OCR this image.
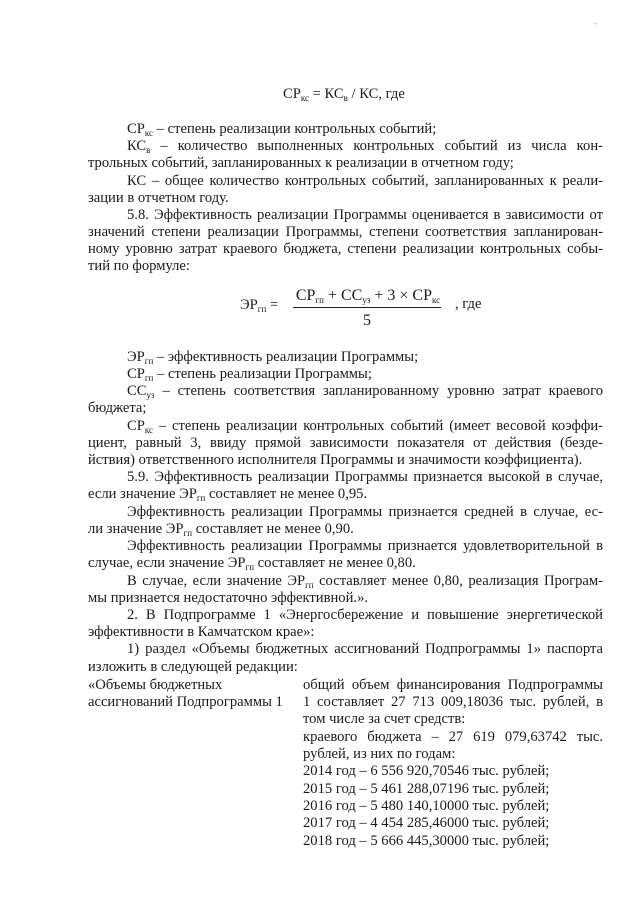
-
$СР_{кс} = КС_в$ / КС, где
$СР_{кс}$ – степень реализации контрольных событий;
$КС_в$ – количество выполненных контрольных событий из числа кон-
трольных событий, запланированных к реализации в отчетном году;
КС – общее количество контрольных событий, запланированных к реали-
зации в отчетном году.
5.8. Эффективность реализации Программы оценивается в зависимости от
значений степени реализации Программы, степени соответствия запланирован-
ному уровню затрат краевого бюджета, степени реализации контрольных собы-
тий по формуле:
$ЭР_{гп}$ =
СРгп + ССуз + 3 × СРкс
5
, где
$ЭР_{гп}$ – эффективность реализации Программы;
$СР_{гп}$ – степень реализации Программы;
$СС_{уз}$ – степень соответствия запланированному уровню затрат краевого
бюджета;
$СР_{кс}$ – степень реализации контрольных событий (имеет весовой коэффи-
циент, равный 3, ввиду прямой зависимости показателя от действия (безде-
йствия) ответственного исполнителя Программы и значимости коэффициента).
5.9. Эффективность реализации Программы признается высокой в случае,
если значение $ЭР_{гп}$ составляет не менее 0,95.
Эффективность реализации Программы признается средней в случае, ес-
ли значение $ЭР_{гп}$ составляет не менее 0,90.
Эффективность реализации Программы признается удовлетворительной в
случае, если значение $ЭР_{гп}$ составляет не менее 0,80.
В случае, если значение $ЭР_{гп}$ составляет менее 0,80, реализация Програм-
мы признается недостаточно эффективной.».
2. В Подпрограмме 1 «Энергосбережение и повышение энергетической
эффективности в Камчатском крае»:
1) раздел «Объемы бюджетных ассигнований Подпрограммы 1» паспорта
изложить в следующей редакции:
«Объемы бюджетных
ассигнований Подпрограммы 1
общий объем финансирования Подпрограммы
1 составляет 27 713 009,18036 тыс. рублей, в
том числе за счет средств:
краевого бюджета – 27 619 079,63742 тыс.
рублей, из них по годам:
2014 год – 6 556 920,70546 тыс. рублей;
2015 год – 5 461 288,07196 тыс. рублей;
2016 год – 5 480 140,10000 тыс. рублей;
2017 год – 4 454 285,46000 тыс. рублей;
2018 год – 5 666 445,30000 тыс. рублей;
